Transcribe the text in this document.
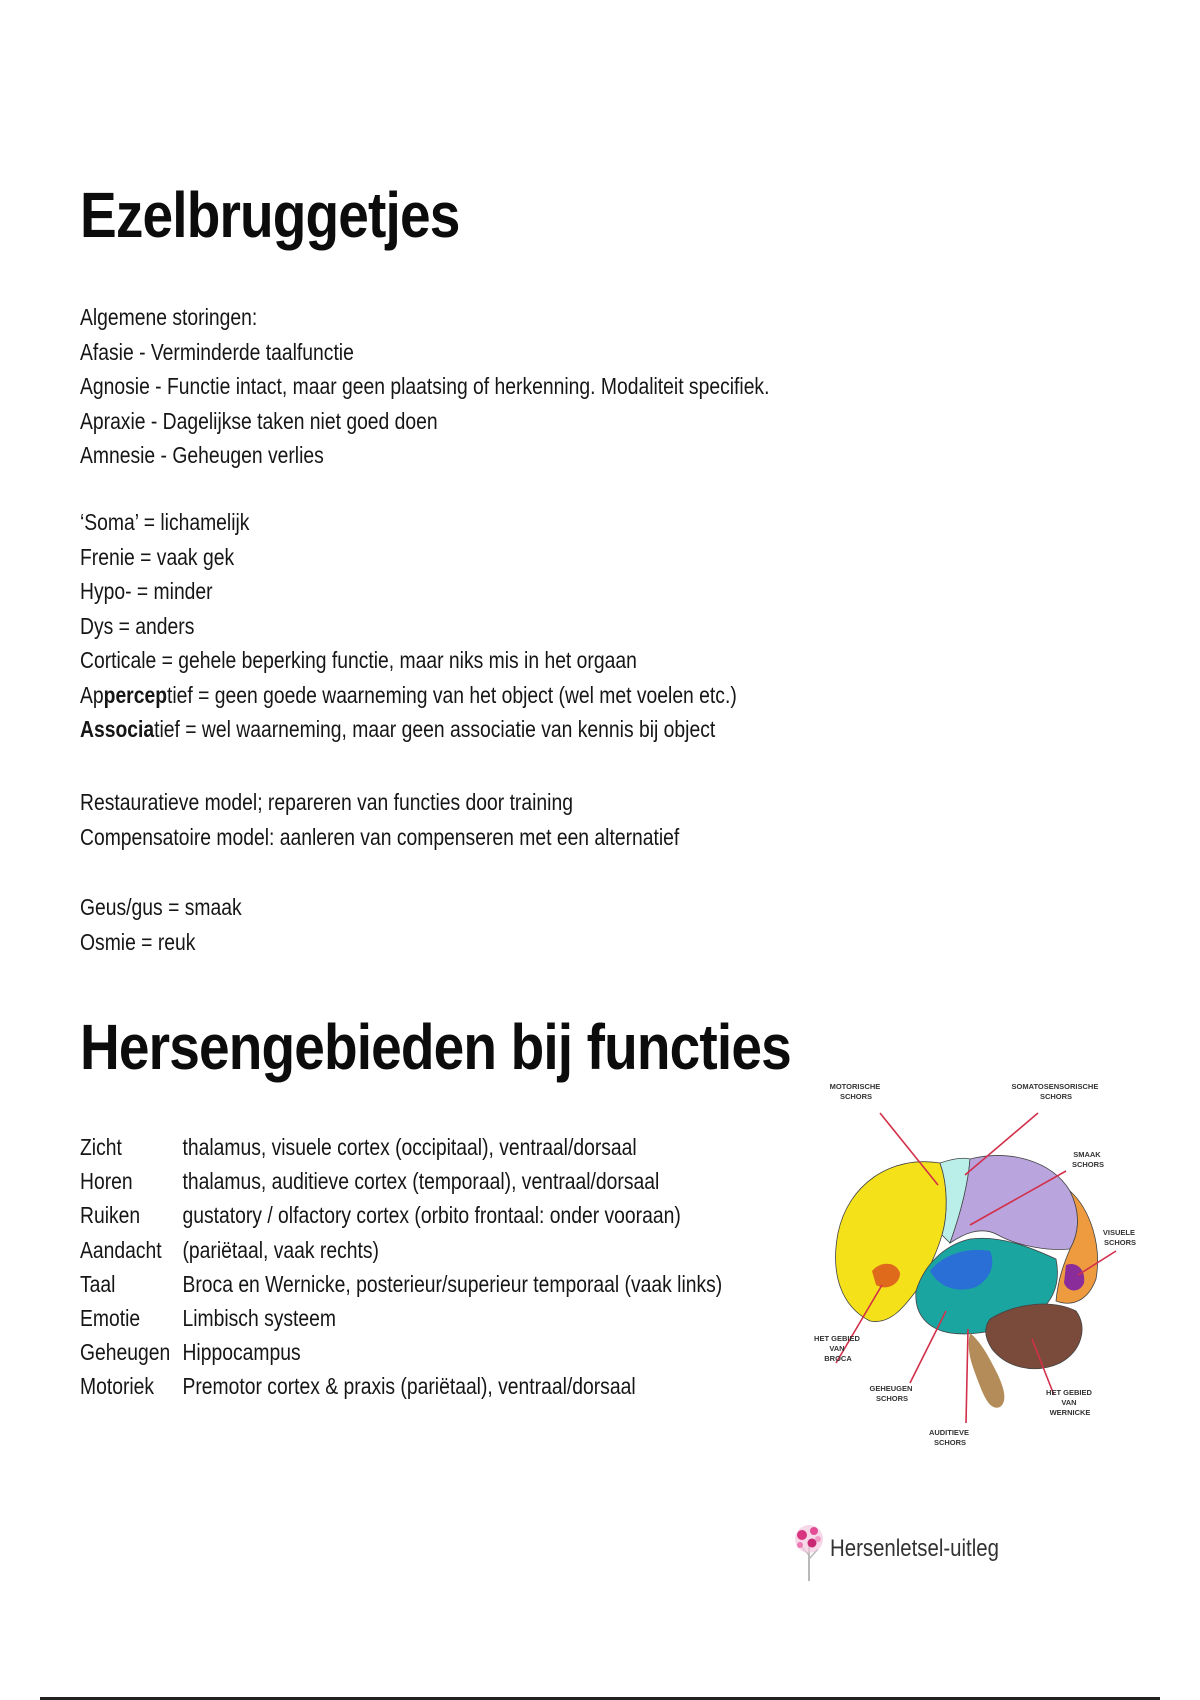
Ezelbruggetjes
Algemene storingen:
Afasie - Verminderde taalfunctie
Agnosie - Functie intact, maar geen plaatsing of herkenning. Modaliteit specifiek.
Apraxie - Dagelijkse taken niet goed doen
Amnesie - Geheugen verlies
‘Soma’ = lichamelijk
Frenie = vaak gek
Hypo- = minder
Dys = anders
Corticale = gehele beperking functie, maar niks mis in het orgaan
Apperceptief = geen goede waarneming van het object (wel met voelen etc.)
Associatief = wel waarneming, maar geen associatie van kennis bij object
Restauratieve model; repareren van functies door training
Compensatoire model: aanleren van compenseren met een alternatief
Geus/gus = smaak
Osmie = reuk
Hersengebieden bij functies
Zicht	thalamus, visuele cortex (occipitaal), ventraal/dorsaal
Horen	thalamus, auditieve cortex (temporaal), ventraal/dorsaal
Ruiken	gustatory / olfactory cortex (orbito frontaal: onder vooraan)
Aandacht (pariëtaal, vaak rechts)
Taal	Broca en Wernicke, posterieur/superieur temporaal (vaak links)
Emotie	Limbisch systeem
Geheugen Hippocampus
Motoriek	Premotor cortex & praxis (pariëtaal), ventraal/dorsaal
MOTORISCHE SCHORS
SOMATOSENSORISCHE SCHORS
SMAAK SCHORS
VISUELE SCHORS
HET GEBIED VAN BROCA
GEHEUGEN SCHORS
AUDITIEVE SCHORS
HET GEBIED VAN WERNICKE
Hersenletsel-uitleg
